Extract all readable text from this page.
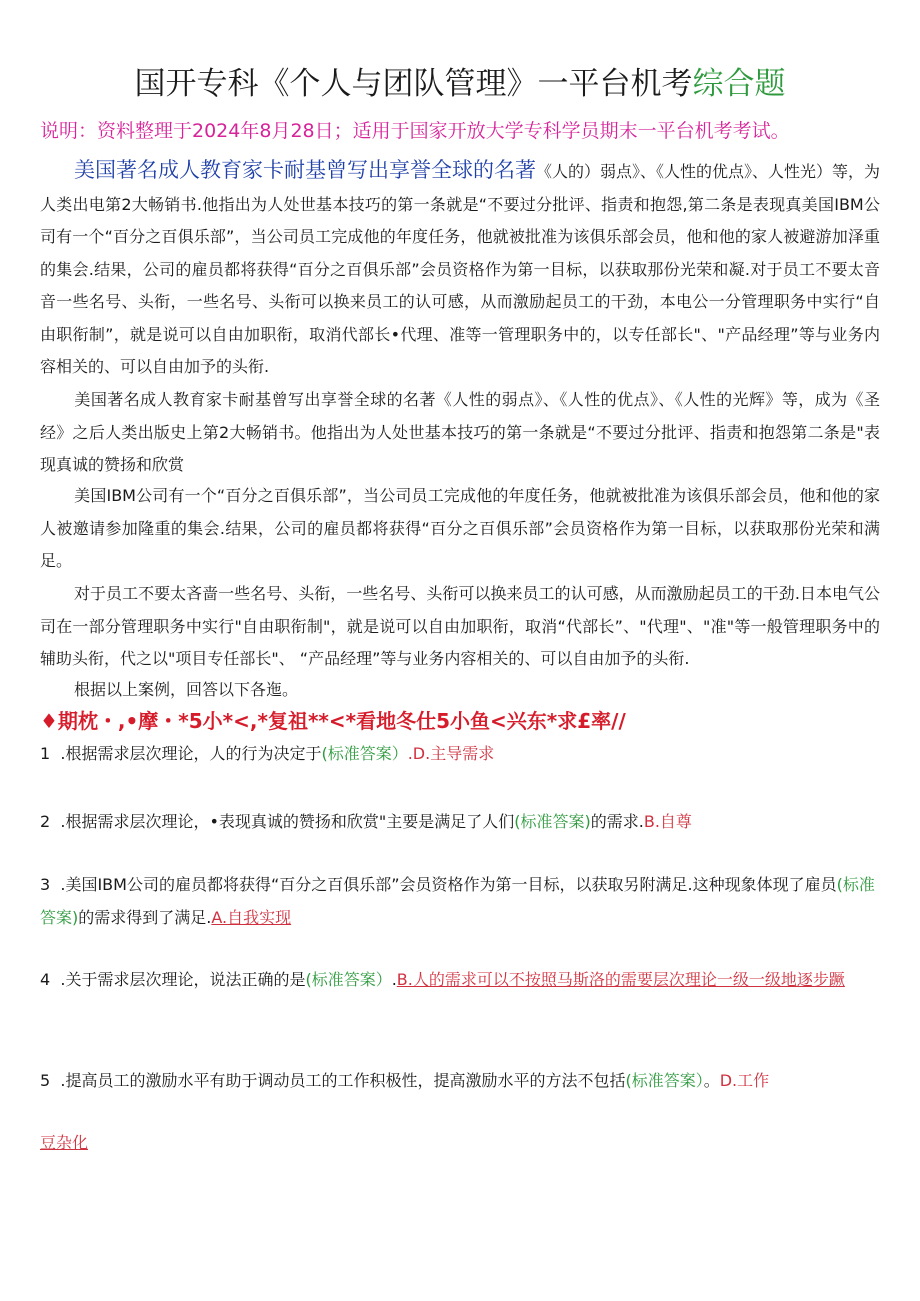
国开专科《个人与团队管理》一平台机考综合题
说明：资料整理于2024年8月28日；适用于国家开放大学专科学员期末一平台机考考试。
美国著名成人教育家卡耐基曾写出享誉全球的名著《人的）弱点》、《人性的优点》、人性光）等，为人类出电第2大畅销书.他指出为人处世基本技巧的第一条就是“不要过分批评、指责和抱怨,第二条是表现真美国IBM公司有一个“百分之百俱乐部”，当公司员工完成他的年度任务，他就被批准为该俱乐部会员，他和他的家人被避游加泽重的集会.结果，公司的雇员都将获得“百分之百俱乐部”会员资格作为第一目标，以获取那份光荣和凝.对于员工不要太音音一些名号、头衔，一些名号、头衔可以换来员工的认可感，从而激励起员工的干劲，本电公一分管理职务中实行“自由职衔制”，就是说可以自由加职衔，取消代部长•代理、准等一管理职务中的，以专任部长"、"产品经理”等与业务内容相关的、可以自由加予的头衔.
美国著名成人教育家卡耐基曾写出享誉全球的名著《人性的弱点》、《人性的优点》、《人性的光辉》等，成为《圣经》之后人类出版史上第2大畅销书。他指出为人处世基本技巧的第一条就是“不要过分批评、指责和抱怨第二条是"表现真诚的赞扬和欣赏
美国IBM公司有一个“百分之百俱乐部”，当公司员工完成他的年度任务，他就被批准为该俱乐部会员，他和他的家人被邀请参加隆重的集会.结果，公司的雇员都将获得“百分之百俱乐部”会员资格作为第一目标，以获取那份光荣和满足。
对于员工不要太吝啬一些名号、头衔，一些名号、头衔可以换来员工的认可感，从而激励起员工的干劲.日本电气公司在一部分管理职务中实行"自由职衔制"，就是说可以自由加职衔，取消“代部长”、"代理"、"准"等一般管理职务中的辅助头衔，代之以"项目专任部长"、 “产品经理”等与业务内容相关的、可以自由加予的头衔.
根据以上案例，回答以下各迤。
♦期枕・,•摩・*5小*<,*复祖**<*看地冬仕5小鱼<兴东*求£率//
1 .根据需求层次理论，人的行为决定于(标准答案）.D.主导需求
2 .根据需求层次理论，•表现真诚的赞扬和欣赏"主要是满足了人们(标准答案)的需求.B.自尊
3 .美国IBM公司的雇员都将获得“百分之百俱乐部”会员资格作为第一目标，以获取另附满足.这种现象体现了雇员(标准答案)的需求得到了满足.A.自我实现
4 .关于需求层次理论，说法正确的是(标准答案）.B.人的需求可以不按照马斯洛的需要层次理论一级一级地逐步蹶
5 .提高员工的激励水平有助于调动员工的工作积极性，提高激励水平的方法不包括(标准答案）。D.工作
豆杂化
